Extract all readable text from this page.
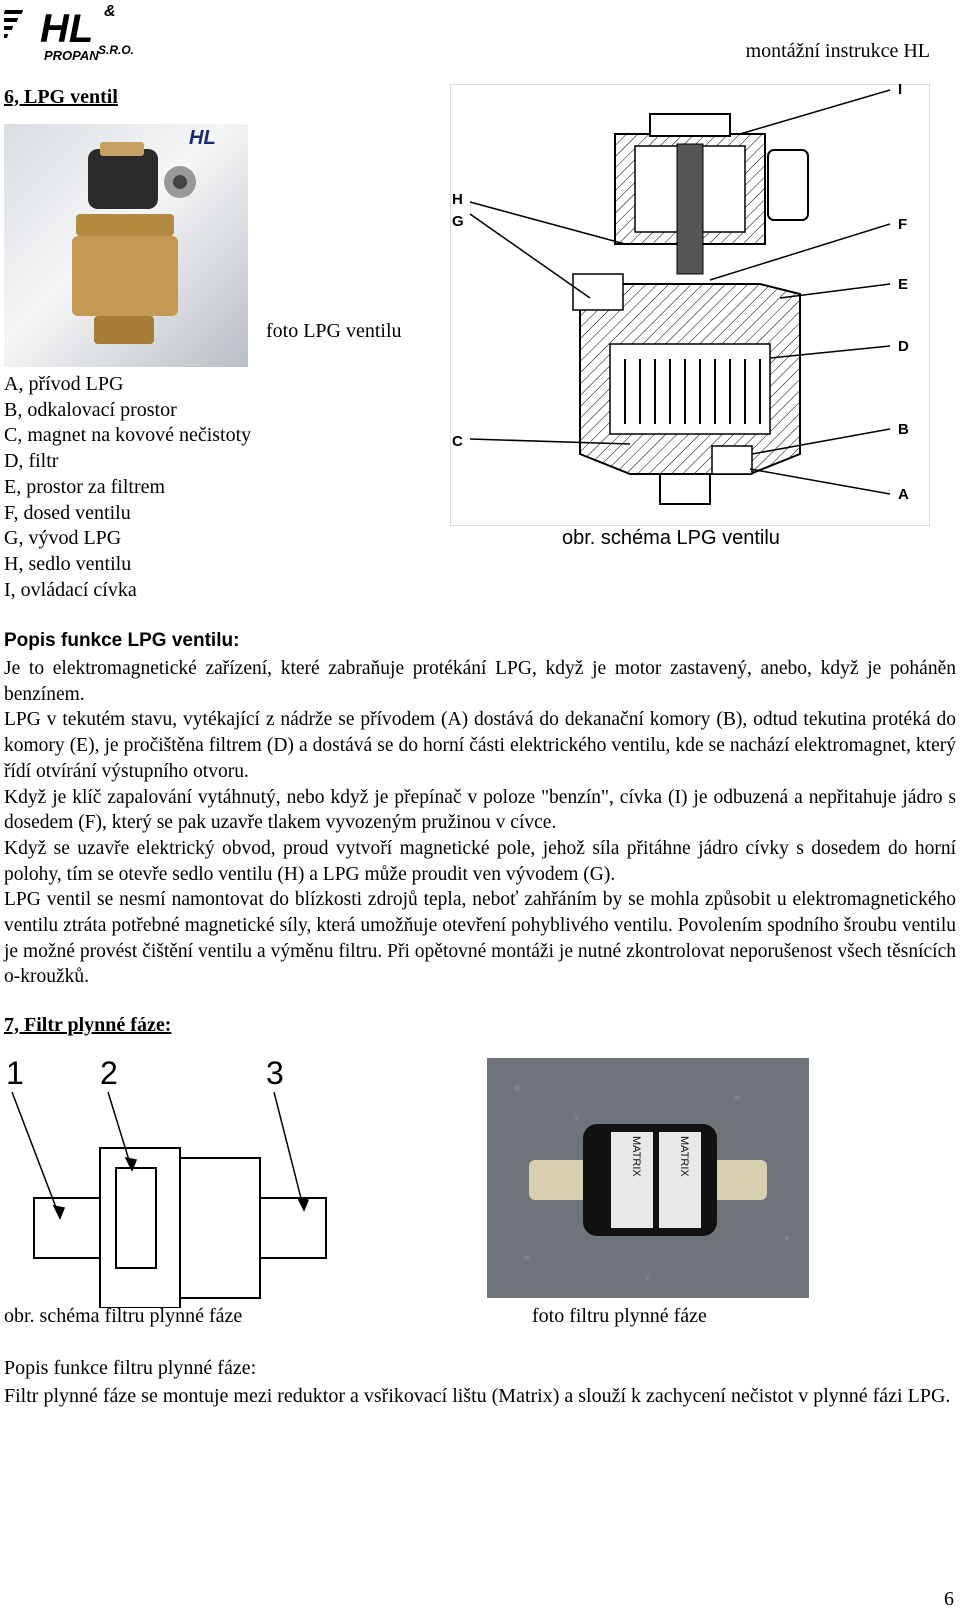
HL &
PROPAN S.R.O.	montážní instrukce HL
6, LPG ventil
HL
foto LPG ventilu
A, přívod LPG
B, odkalovací prostor
C, magnet na kovové nečistoty
D, filtr
E, prostor za filtrem
F, dosed ventilu
G, vývod LPG
H, sedlo ventilu
I, ovládací cívka
I
H
G	F
E
D
C
B
A
obr. schéma LPG ventilu
Popis funkce LPG ventilu:

Je to elektromagnetické zařízení, které zabraňuje protékání LPG, když je motor zastavený, anebo, když je poháněn benzínem.

LPG v tekutém stavu, vytékající z nádrže se přívodem (A) dostává do dekanační komory (B), odtud tekutina protéká do komory (E), je pročištěna filtrem (D) a dostává se do horní části elektrického ventilu, kde se nachází elektromagnet, který řídí otvírání výstupního otvoru.

Když je klíč zapalování vytáhnutý, nebo když je přepínač v poloze "benzín", cívka (I) je odbuzená a nepřitahuje jádro s dosedem (F), který se pak uzavře tlakem vyvozeným pružinou v cívce.

Když se uzavře elektrický obvod, proud vytvoří magnetické pole, jehož síla přitáhne jádro cívky s dosedem do horní polohy, tím se otevře sedlo ventilu (H) a LPG může proudit ven vývodem (G).

LPG ventil se nesmí namontovat do blízkosti zdrojů tepla, neboť zahřáním by se mohla způsobit u elektromagnetického ventilu ztráta potřebné magnetické síly, která umožňuje otevření pohyblivého ventilu. Povolením spodního šroubu ventilu je možné provést čištění ventilu a výměnu filtru. Při opětovné montáži je nutné zkontrolovat neporušenost všech těsnících o-kroužků.

7, Filtr plynné fáze:
1 2	3
obr. schéma filtru plynné fáze
MATRIX	MATRIX
foto filtru plynné fáze
Popis funkce filtru plynné fáze:
Filtr plynné fáze se montuje mezi reduktor a vsřikovací lištu (Matrix) a slouží k zachycení nečistot v plynné fázi LPG.
6
